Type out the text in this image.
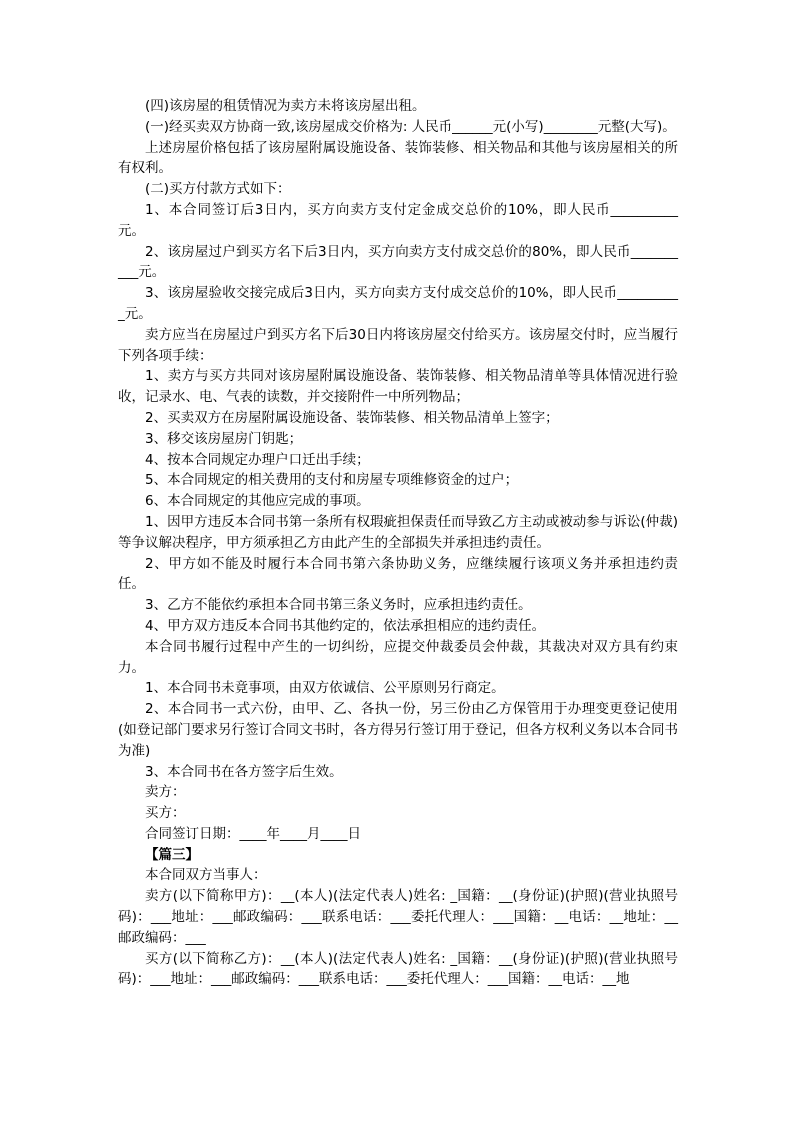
(四)该房屋的租赁情况为卖方未将该房屋出租。

(一)经买卖双方协商一致,该房屋成交价格为: 人民币______元(小写)________元整(大写)。

上述房屋价格包括了该房屋附属设施设备、装饰装修、相关物品和其他与该房屋相关的所有权利。

(二)买方付款方式如下：

1、本合同签订后3日内，买方向卖方支付定金成交总价的10%，即人民币__________元。

2、该房屋过户到买方名下后3日内，买方向卖方支付成交总价的80%，即人民币__________元。

3、该房屋验收交接完成后3日内，买方向卖方支付成交总价的10%，即人民币__________元。

卖方应当在房屋过户到买方名下后30日内将该房屋交付给买方。该房屋交付时，应当履行下列各项手续：

1、卖方与买方共同对该房屋附属设施设备、装饰装修、相关物品清单等具体情况进行验收，记录水、电、气表的读数，并交接附件一中所列物品；

2、买卖双方在房屋附属设施设备、装饰装修、相关物品清单上签字；

3、移交该房屋房门钥匙；

4、按本合同规定办理户口迁出手续；

5、本合同规定的相关费用的支付和房屋专项维修资金的过户；

6、本合同规定的其他应完成的事项。

1、因甲方违反本合同书第一条所有权瑕疵担保责任而导致乙方主动或被动参与诉讼(仲裁)等争议解决程序，甲方须承担乙方由此产生的全部损失并承担违约责任。

2、甲方如不能及时履行本合同书第六条协助义务，应继续履行该项义务并承担违约责任。

3、乙方不能依约承担本合同书第三条义务时，应承担违约责任。

4、甲方双方违反本合同书其他约定的，依法承担相应的违约责任。

本合同书履行过程中产生的一切纠纷，应提交仲裁委员会仲裁，其裁决对双方具有约束力。

1、本合同书未竟事项，由双方依诚信、公平原则另行商定。

2、本合同书一式六份，由甲、乙、各执一份，另三份由乙方保管用于办理变更登记使用(如登记部门要求另行签订合同文书时，各方得另行签订用于登记，但各方权利义务以本合同书为准)

3、本合同书在各方签字后生效。

卖方：

买方：

合同签订日期：____年____月____日

【篇三】

本合同双方当事人：

卖方(以下简称甲方)：__(本人)(法定代表人)姓名: _国籍：__(身份证)(护照)(营业执照号码)：___地址：___邮政编码：___联系电话：___委托代理人：___国籍：__电话：__地址：__邮政编码：___

买方(以下简称乙方)：__(本人)(法定代表人)姓名: _国籍：__(身份证)(护照)(营业执照号码)：___地址：___邮政编码：___联系电话：___委托代理人：___国籍：__电话：__地
